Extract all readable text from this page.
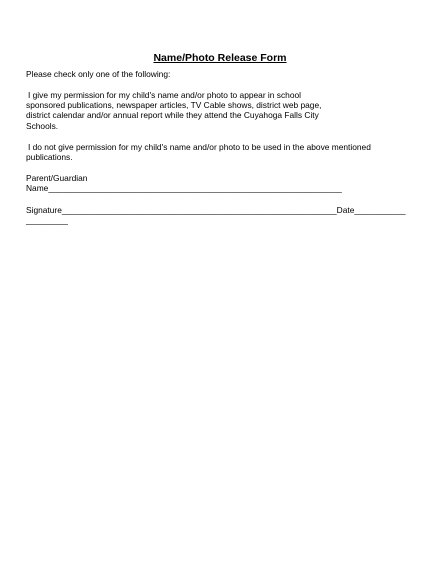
Name/Photo Release Form
Please check only one of the following:
I give my permission for my child's name and/or photo to appear in school
sponsored publications, newspaper articles, TV Cable shows, district web page,
district calendar and/or annual report while they attend the Cuyahoga Falls City
Schools.
I do not give permission for my child's name and/or photo to be used in the above mentioned
publications.
Parent/Guardian
Name_______________________________________________________________
Signature___________________________________________________________Date___________
_________
